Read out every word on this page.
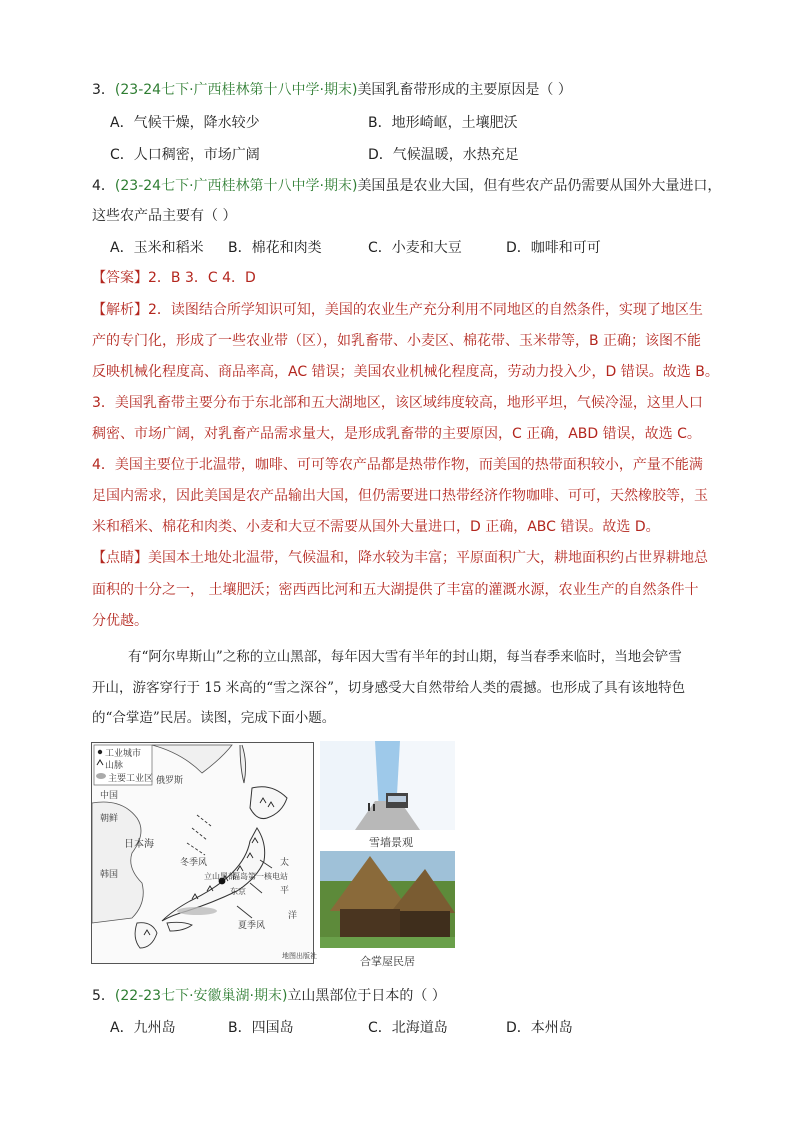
3．(23-24七下·广西桂林第十八中学·期末)美国乳畜带形成的主要原因是（ ）
A．气候干燥，降水较少	B．地形崎岖，土壤肥沃
C．人口稠密，市场广阔	D．气候温暖，水热充足
4．(23-24七下·广西桂林第十八中学·期末)美国虽是农业大国，但有些农产品仍需要从国外大量进口，
这些农产品主要有（ ）
A．玉米和稻米 B．棉花和肉类	C．小麦和大豆	D．咖啡和可可
【答案】2．B 3．C 4．D
【解析】2．读图结合所学知识可知，美国的农业生产充分利用不同地区的自然条件，实现了地区生
产的专门化，形成了一些农业带（区），如乳畜带、小麦区、棉花带、玉米带等，B 正确；该图不能
反映机械化程度高、商品率高，AC 错误；美国农业机械化程度高，劳动力投入少，D 错误。故选 B。
3．美国乳畜带主要分布于东北部和五大湖地区，该区域纬度较高，地形平坦，气候冷湿，这里人口
稠密、市场广阔，对乳畜产品需求量大，是形成乳畜带的主要原因，C 正确，ABD 错误，故选 C。
4．美国主要位于北温带，咖啡、可可等农产品都是热带作物，而美国的热带面积较小，产量不能满
足国内需求，因此美国是农产品输出大国，但仍需要进口热带经济作物咖啡、可可，天然橡胶等，玉
米和稻米、棉花和肉类、小麦和大豆不需要从国外大量进口，D 正确，ABC 错误。故选 D。
【点睛】美国本土地处北温带，气候温和，降水较为丰富；平原面积广大，耕地面积约占世界耕地总
面积的十分之一， 土壤肥沃；密西西比河和五大湖提供了丰富的灌溉水源，农业生产的自然条件十
分优越。
有“阿尔卑斯山”之称的立山黑部，每年因大雪有半年的封山期，每当春季来临时，当地会铲雪
开山，游客穿行于 15 米高的“雪之深谷”，切身感受大自然带给人类的震撼。也形成了具有该地特色
的“合掌造”民居。读图，完成下面小题。
工业城市
山脉
主要工业区 俄罗斯
中国
朝鲜
韩国
日本海
冬季风
夏季风
福岛第一核电站
东京
立山黑部
太
平
洋
地图出版社
雪墙景观
合掌屋民居
5．(22-23七下·安徽巢湖·期末)立山黑部位于日本的（ ）
A．九州岛	B．四国岛	C．北海道岛	D．本州岛
